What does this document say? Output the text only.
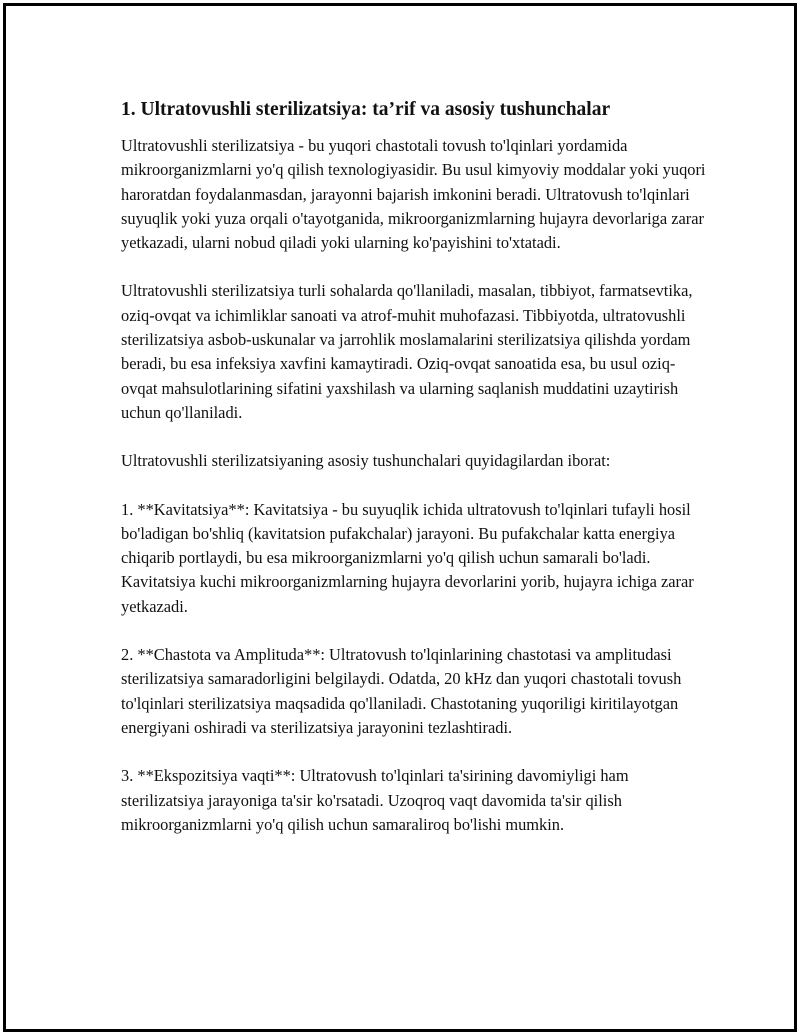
1. Ultratovushli sterilizatsiya: ta’rif va asosiy tushunchalar

Ultratovushli sterilizatsiya - bu yuqori chastotali tovush to'lqinlari yordamida mikroorganizmlarni yo'q qilish texnologiyasidir. Bu usul kimyoviy moddalar yoki yuqori haroratdan foydalanmasdan, jarayonni bajarish imkonini beradi. Ultratovush to'lqinlari suyuqlik yoki yuza orqali o'tayotganida, mikroorganizmlarning hujayra devorlariga zarar yetkazadi, ularni nobud qiladi yoki ularning ko'payishini to'xtatadi.

Ultratovushli sterilizatsiya turli sohalarda qo'llaniladi, masalan, tibbiyot, farmatsevtika, oziq-ovqat va ichimliklar sanoati va atrof-muhit muhofazasi. Tibbiyotda, ultratovushli sterilizatsiya asbob-uskunalar va jarrohlik moslamalarini sterilizatsiya qilishda yordam beradi, bu esa infeksiya xavfini kamaytiradi. Oziq-ovqat sanoatida esa, bu usul oziq-ovqat mahsulotlarining sifatini yaxshilash va ularning saqlanish muddatini uzaytirish uchun qo'llaniladi.

Ultratovushli sterilizatsiyaning asosiy tushunchalari quyidagilardan iborat:

1. **Kavitatsiya**: Kavitatsiya - bu suyuqlik ichida ultratovush to'lqinlari tufayli hosil bo'ladigan bo'shliq (kavitatsion pufakchalar) jarayoni. Bu pufakchalar katta energiya chiqarib portlaydi, bu esa mikroorganizmlarni yo'q qilish uchun samarali bo'ladi. Kavitatsiya kuchi mikroorganizmlarning hujayra devorlarini yorib, hujayra ichiga zarar yetkazadi.

2. **Chastota va Amplituda**: Ultratovush to'lqinlarining chastotasi va amplitudasi sterilizatsiya samaradorligini belgilaydi. Odatda, 20 kHz dan yuqori chastotali tovush to'lqinlari sterilizatsiya maqsadida qo'llaniladi. Chastotaning yuqoriligi kiritilayotgan energiyani oshiradi va sterilizatsiya jarayonini tezlashtiradi.

3. **Ekspozitsiya vaqti**: Ultratovush to'lqinlari ta'sirining davomiyligi ham sterilizatsiya jarayoniga ta'sir ko'rsatadi. Uzoqroq vaqt davomida ta'sir qilish mikroorganizmlarni yo'q qilish uchun samaraliroq bo'lishi mumkin.
